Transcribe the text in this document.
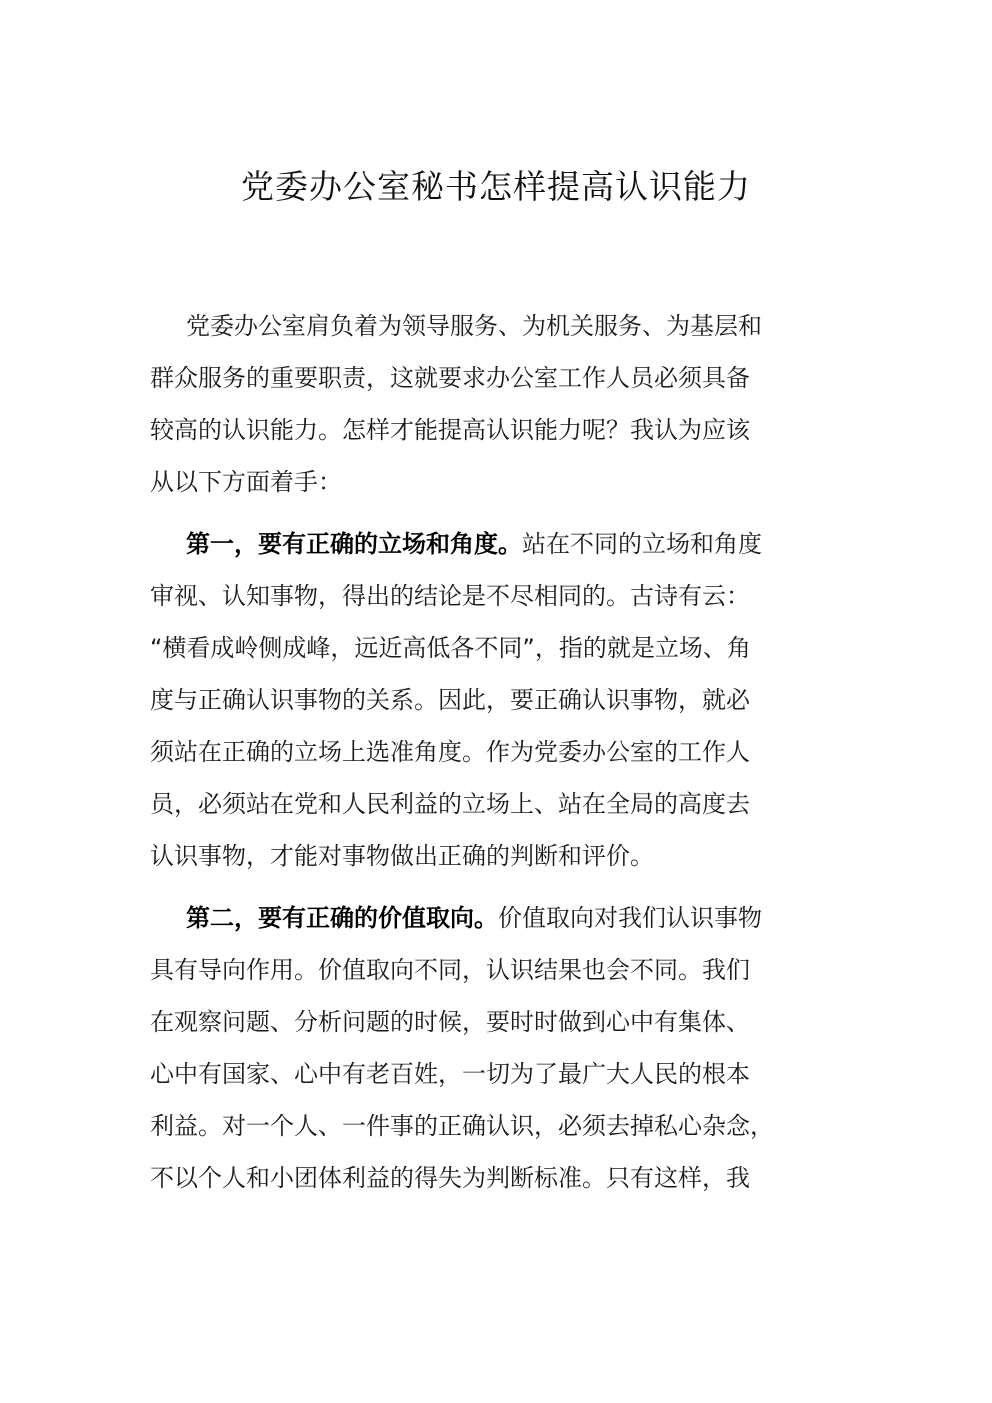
党委办公室秘书怎样提高认识能力
党委办公室肩负着为领导服务、为机关服务、为基层和
群众服务的重要职责，这就要求办公室工作人员必须具备
较高的认识能力。怎样才能提高认识能力呢？我认为应该
从以下方面着手：
第一，要有正确的立场和角度。站在不同的立场和角度
审视、认知事物，得出的结论是不尽相同的。古诗有云：
“横看成岭侧成峰，远近高低各不同”，指的就是立场、角
度与正确认识事物的关系。因此，要正确认识事物，就必
须站在正确的立场上选准角度。作为党委办公室的工作人
员，必须站在党和人民利益的立场上、站在全局的高度去
认识事物，才能对事物做出正确的判断和评价。
第二，要有正确的价值取向。价值取向对我们认识事物
具有导向作用。价值取向不同，认识结果也会不同。我们
在观察问题、分析问题的时候，要时时做到心中有集体、
心中有国家、心中有老百姓，一切为了最广大人民的根本
利益。对一个人、一件事的正确认识，必须去掉私心杂念，
不以个人和小团体利益的得失为判断标准。只有这样，我
